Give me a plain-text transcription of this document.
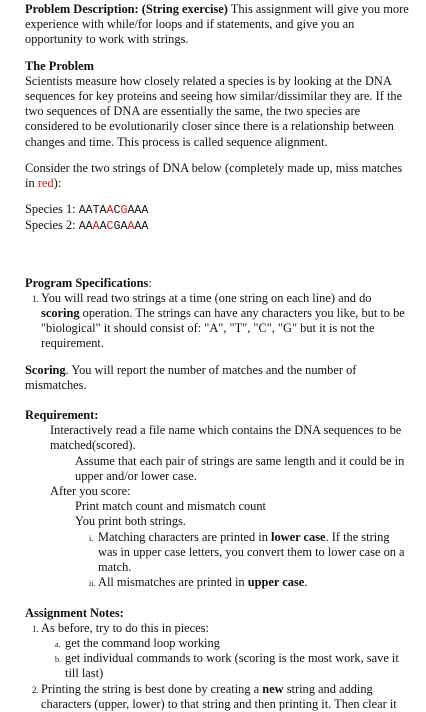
Problem Description: (String exercise) This assignment will give you more experience with while/for loops and if statements, and give you an opportunity to work with strings.

The Problem

Scientists measure how closely related a species is by looking at the DNA sequences for key proteins and seeing how similar/dissimilar they are. If the two sequences of DNA are essentially the same, the two species are considered to be evolutionarily closer since there is a relationship between changes and time. This process is called sequence alignment.

Consider the two strings of DNA below (completely made up, miss matches in red):

Species 1: AATAACGAAA

Species 2: AAAACGAAAA

Program Specifications:

1. You will read two strings at a time (one string on each line) and do scoring operation. The strings can have any characters you like, but to be "biological" it should consist of: "A", "T", "C", "G" but it is not the requirement.

Scoring. You will report the number of matches and the number of mismatches.

Requirement:

Interactively read a file name which contains the DNA sequences to be matched(scored).

Assume that each pair of strings are same length and it could be in upper and/or lower case.

After you score:

Print match count and mismatch count

You print both strings.

i. Matching characters are printed in lower case. If the string was in upper case letters, you convert them to lower case on a match.
ii. All mismatches are printed in upper case.

Assignment Notes:

1. As before, try to do this in pieces:
a. get the command loop working
b. get individual commands to work (scoring is the most work, save it till last)
2. Printing the string is best done by creating a new string and adding characters (upper, lower) to that string and then printing it. Then clear it
